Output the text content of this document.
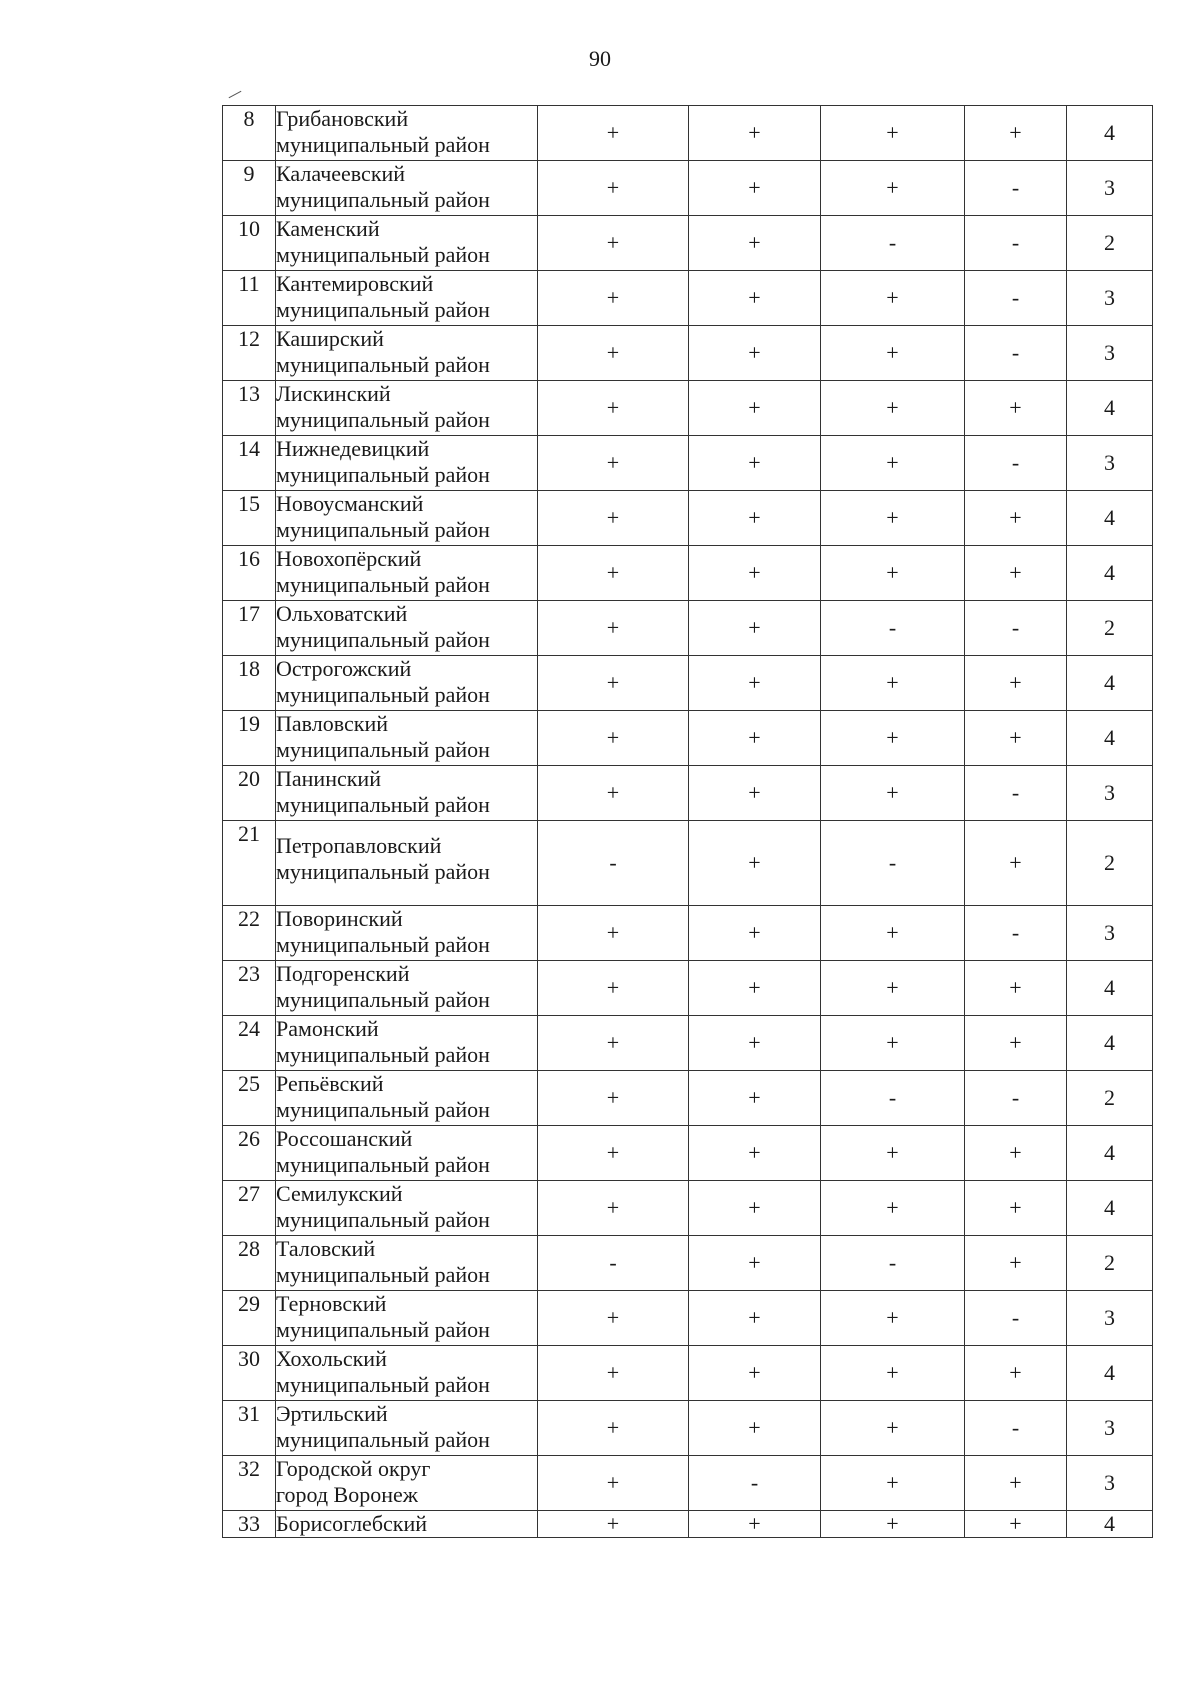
90
8	Грибановский
муниципальный район	+	+	+	+	4
9	Калачеевский
муниципальный район	+	+	+	-	3
10	Каменский
муниципальный район	+	+	-	-	2
11	Кантемировский
муниципальный район	+	+	+	-	3
12	Каширский
муниципальный район	+	+	+	-	3
13	Лискинский
муниципальный район	+	+	+	+	4
14	Нижнедевицкий
муниципальный район	+	+	+	-	3
15	Новоусманский
муниципальный район	+	+	+	+	4
16	Новохопёрский
муниципальный район	+	+	+	+	4
17	Ольховатский
муниципальный район	+	+	-	-	2
18	Острогожский
муниципальный район	+	+	+	+	4
19	Павловский
муниципальный район	+	+	+	+	4
20	Панинский
муниципальный район	+	+	+	-	3
21	Петропавловский
муниципальный район	-	+	-	+	2
22	Поворинский
муниципальный район	+	+	+	-	3
23	Подгоренский
муниципальный район	+	+	+	+	4
24	Рамонский
муниципальный район	+	+	+	+	4
25	Репьёвский
муниципальный район	+	+	-	-	2
26	Россошанский
муниципальный район	+	+	+	+	4
27	Семилукский
муниципальный район	+	+	+	+	4
28	Таловский
муниципальный район	-	+	-	+	2
29	Терновский
муниципальный район	+	+	+	-	3
30	Хохольский
муниципальный район	+	+	+	+	4
31	Эртильский
муниципальный район	+	+	+	-	3
32	Городской округ
город Воронеж	+	-	+	+	3
33	Борисоглебский	+	+	+	+	4
